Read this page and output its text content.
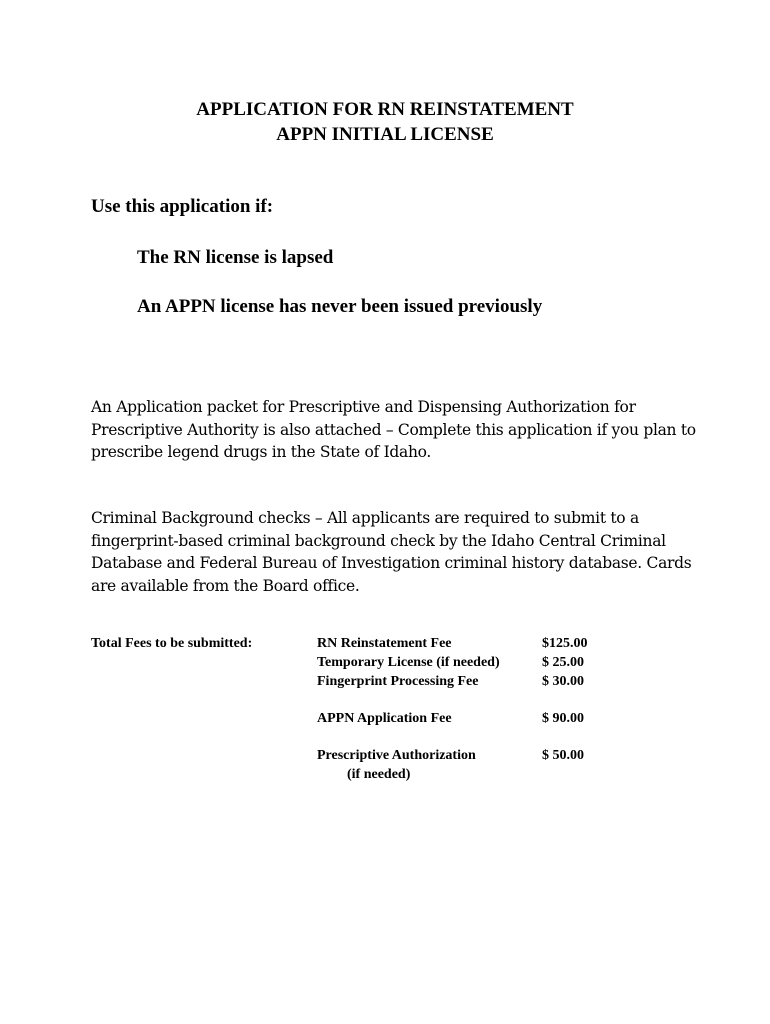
APPLICATION FOR RN REINSTATEMENT
APPN INITIAL LICENSE
Use this application if:
The RN license is lapsed
An APPN license has never been issued previously
An Application packet for Prescriptive and Dispensing Authorization for
Prescriptive Authority is also attached – Complete this application if you plan to
prescribe legend drugs in the State of Idaho.
Criminal Background checks – All applicants are required to submit to a
fingerprint-based criminal background check by the Idaho Central Criminal
Database and Federal Bureau of Investigation criminal history database. Cards
are available from the Board office.
Total Fees to be submitted:	RN Reinstatement Fee	$125.00
Temporary License (if needed)	$ 25.00
Fingerprint Processing Fee	$ 30.00
APPN Application Fee	$ 90.00
Prescriptive Authorization	$ 50.00
(if needed)
